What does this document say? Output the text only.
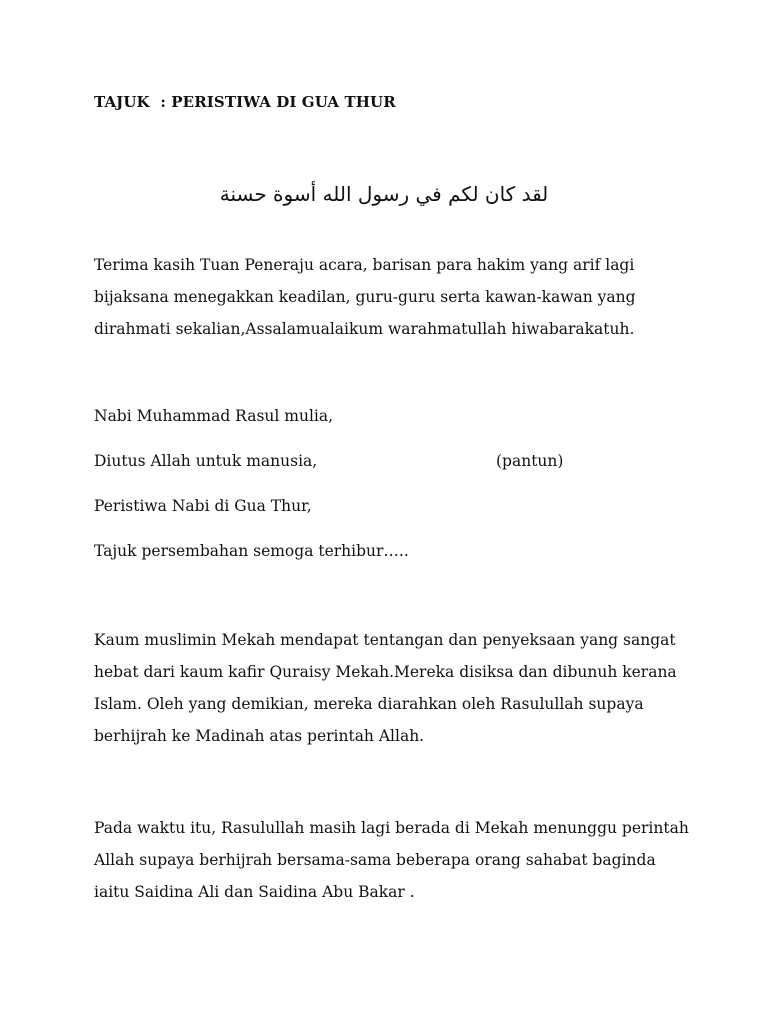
TAJUK  : PERISTIWA DI GUA THUR
لقد كان لكم في رسول الله أسوة حسنة
Terima kasih Tuan Peneraju acara, barisan para hakim yang arif lagi
bijaksana menegakkan keadilan, guru-guru serta kawan-kawan yang
dirahmati sekalian,Assalamualaikum warahmatullah hiwabarakatuh.
Nabi Muhammad Rasul mulia,
Diutus Allah untuk manusia,	(pantun)
Peristiwa Nabi di Gua Thur,
Tajuk persembahan semoga terhibur…..
Kaum muslimin Mekah mendapat tentangan dan penyeksaan yang sangat
hebat dari kaum kafir Quraisy Mekah.Mereka disiksa dan dibunuh kerana
Islam. Oleh yang demikian, mereka diarahkan oleh Rasulullah supaya
berhijrah ke Madinah atas perintah Allah.
Pada waktu itu, Rasulullah masih lagi berada di Mekah menunggu perintah
Allah supaya berhijrah bersama-sama beberapa orang sahabat baginda
iaitu Saidina Ali dan Saidina Abu Bakar .
